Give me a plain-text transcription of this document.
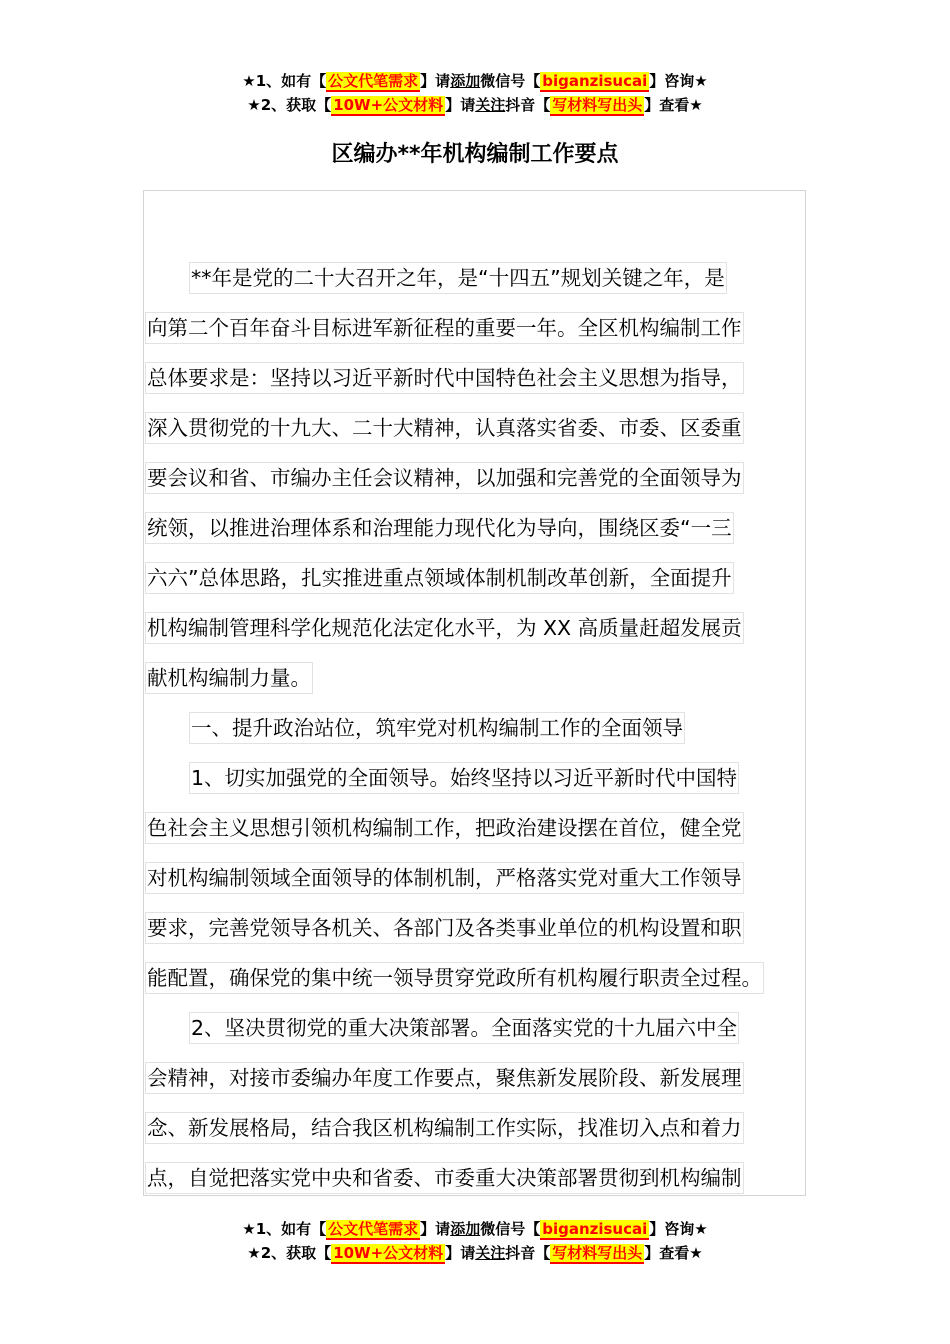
★1、如有【 公文代笔需求 】请添加微信号【 biganzisucai 】咨询★
★2、获取【 10W+公文材料 】请关注抖音【 写材料写出头 】查看★
区编办**年机构编制工作要点
**年是党的二十大召开之年，是“十四五”规划关键之年，是
向第二个百年奋斗目标进军新征程的重要一年。全区机构编制工作
总体要求是：坚持以习近平新时代中国特色社会主义思想为指导，
深入贯彻党的十九大、二十大精神，认真落实省委、市委、区委重
要会议和省、市编办主任会议精神，以加强和完善党的全面领导为
统领，以推进治理体系和治理能力现代化为导向，围绕区委“一三
六六”总体思路，扎实推进重点领域体制机制改革创新，全面提升
机构编制管理科学化规范化法定化水平，为 XX 高质量赶超发展贡
献机构编制力量。
一、提升政治站位，筑牢党对机构编制工作的全面领导
1、切实加强党的全面领导。始终坚持以习近平新时代中国特
色社会主义思想引领机构编制工作，把政治建设摆在首位，健全党
对机构编制领域全面领导的体制机制，严格落实党对重大工作领导
要求，完善党领导各机关、各部门及各类事业单位的机构设置和职
能配置，确保党的集中统一领导贯穿党政所有机构履行职责全过程。
2、坚决贯彻党的重大决策部署。全面落实党的十九届六中全
会精神，对接市委编办年度工作要点，聚焦新发展阶段、新发展理
念、新发展格局，结合我区机构编制工作实际，找准切入点和着力
点，自觉把落实党中央和省委、市委重大决策部署贯彻到机构编制
★1、如有【 公文代笔需求 】请添加微信号【 biganzisucai 】咨询★
★2、获取【 10W+公文材料 】请关注抖音【 写材料写出头 】查看★
